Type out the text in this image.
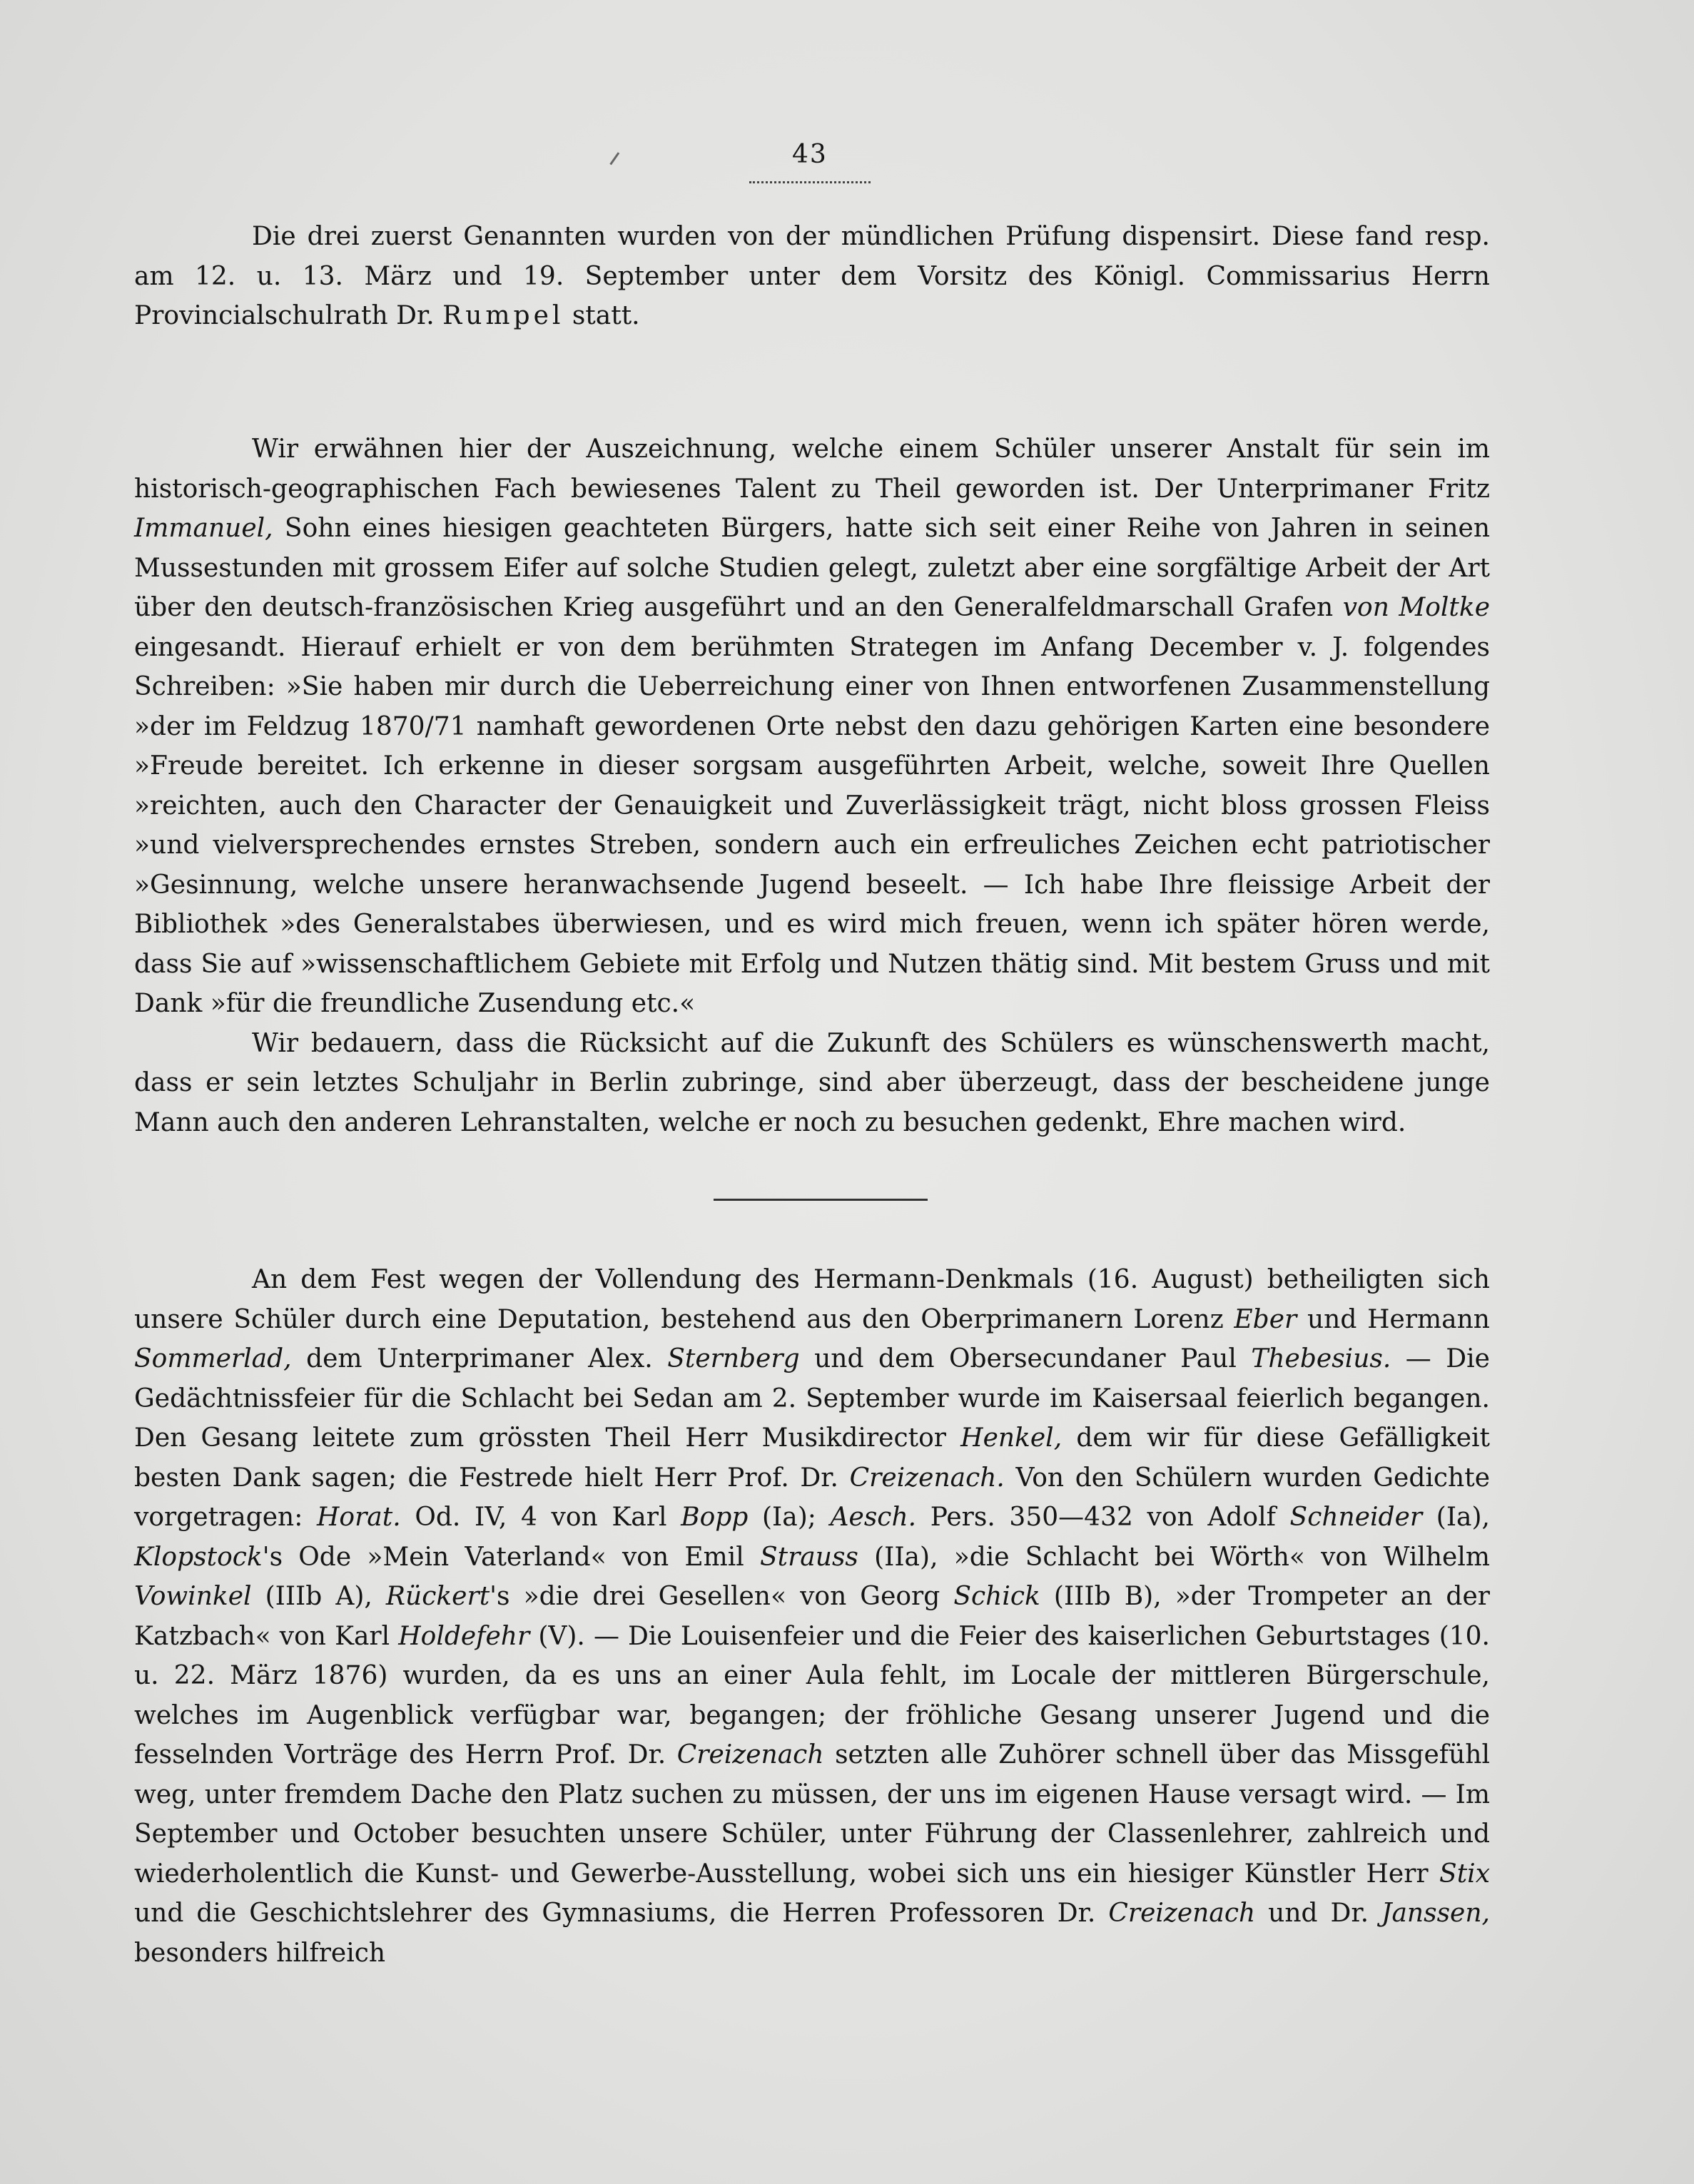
43

Die drei zuerst Genannten wurden von der mündlichen Prüfung dispensirt. Diese fand resp. am 12. u. 13. März und 19. September unter dem Vorsitz des Königl. Commissarius Herrn Provincialschulrath Dr. Rumpel statt.

Wir erwähnen hier der Auszeichnung, welche einem Schüler unserer Anstalt für sein im historisch-geographischen Fach bewiesenes Talent zu Theil geworden ist. Der Unterprimaner Fritz Immanuel, Sohn eines hiesigen geachteten Bürgers, hatte sich seit einer Reihe von Jahren in seinen Mussestunden mit grossem Eifer auf solche Studien gelegt, zuletzt aber eine sorgfältige Arbeit der Art über den deutsch-französischen Krieg ausgeführt und an den Generalfeldmarschall Grafen von Moltke eingesandt. Hierauf erhielt er von dem berühmten Strategen im Anfang December v. J. folgendes Schreiben: »Sie haben mir durch die Ueberreichung einer von Ihnen entworfenen Zusammenstellung »der im Feldzug 1870/71 namhaft gewordenen Orte nebst den dazu gehörigen Karten eine besondere »Freude bereitet. Ich erkenne in dieser sorgsam ausgeführten Arbeit, welche, soweit Ihre Quellen »reichten, auch den Character der Genauigkeit und Zuverlässigkeit trägt, nicht bloss grossen Fleiss »und vielversprechendes ernstes Streben, sondern auch ein erfreuliches Zeichen echt patriotischer »Gesinnung, welche unsere heranwachsende Jugend beseelt. — Ich habe Ihre fleissige Arbeit der Bibliothek »des Generalstabes überwiesen, und es wird mich freuen, wenn ich später hören werde, dass Sie auf »wissenschaftlichem Gebiete mit Erfolg und Nutzen thätig sind. Mit bestem Gruss und mit Dank »für die freundliche Zusendung etc.«

Wir bedauern, dass die Rücksicht auf die Zukunft des Schülers es wünschenswerth macht, dass er sein letztes Schuljahr in Berlin zubringe, sind aber überzeugt, dass der bescheidene junge Mann auch den anderen Lehranstalten, welche er noch zu besuchen gedenkt, Ehre machen wird.

An dem Fest wegen der Vollendung des Hermann-Denkmals (16. August) betheiligten sich unsere Schüler durch eine Deputation, bestehend aus den Oberprimanern Lorenz Eber und Hermann Sommerlad, dem Unterprimaner Alex. Sternberg und dem Obersecundaner Paul Thebesius. — Die Gedächtnissfeier für die Schlacht bei Sedan am 2. September wurde im Kaisersaal feierlich begangen. Den Gesang leitete zum grössten Theil Herr Musikdirector Henkel, dem wir für diese Gefälligkeit besten Dank sagen; die Festrede hielt Herr Prof. Dr. Creizenach. Von den Schülern wurden Gedichte vorgetragen: Horat. Od. IV, 4 von Karl Bopp (Ia); Aesch. Pers. 350—432 von Adolf Schneider (Ia), Klopstock's Ode »Mein Vaterland« von Emil Strauss (IIa), »die Schlacht bei Wörth« von Wilhelm Vowinkel (IIIb A), Rückert's »die drei Gesellen« von Georg Schick (IIIb B), »der Trompeter an der Katzbach« von Karl Holdefehr (V). — Die Louisenfeier und die Feier des kaiserlichen Geburtstages (10. u. 22. März 1876) wurden, da es uns an einer Aula fehlt, im Locale der mittleren Bürgerschule, welches im Augenblick verfügbar war, begangen; der fröhliche Gesang unserer Jugend und die fesselnden Vorträge des Herrn Prof. Dr. Creizenach setzten alle Zuhörer schnell über das Missgefühl weg, unter fremdem Dache den Platz suchen zu müssen, der uns im eigenen Hause versagt wird. — Im September und October besuchten unsere Schüler, unter Führung der Classenlehrer, zahlreich und wiederholentlich die Kunst- und Gewerbe-Ausstellung, wobei sich uns ein hiesiger Künstler Herr Stix und die Geschichtslehrer des Gymnasiums, die Herren Professoren Dr. Creizenach und Dr. Janssen, besonders hilfreich
